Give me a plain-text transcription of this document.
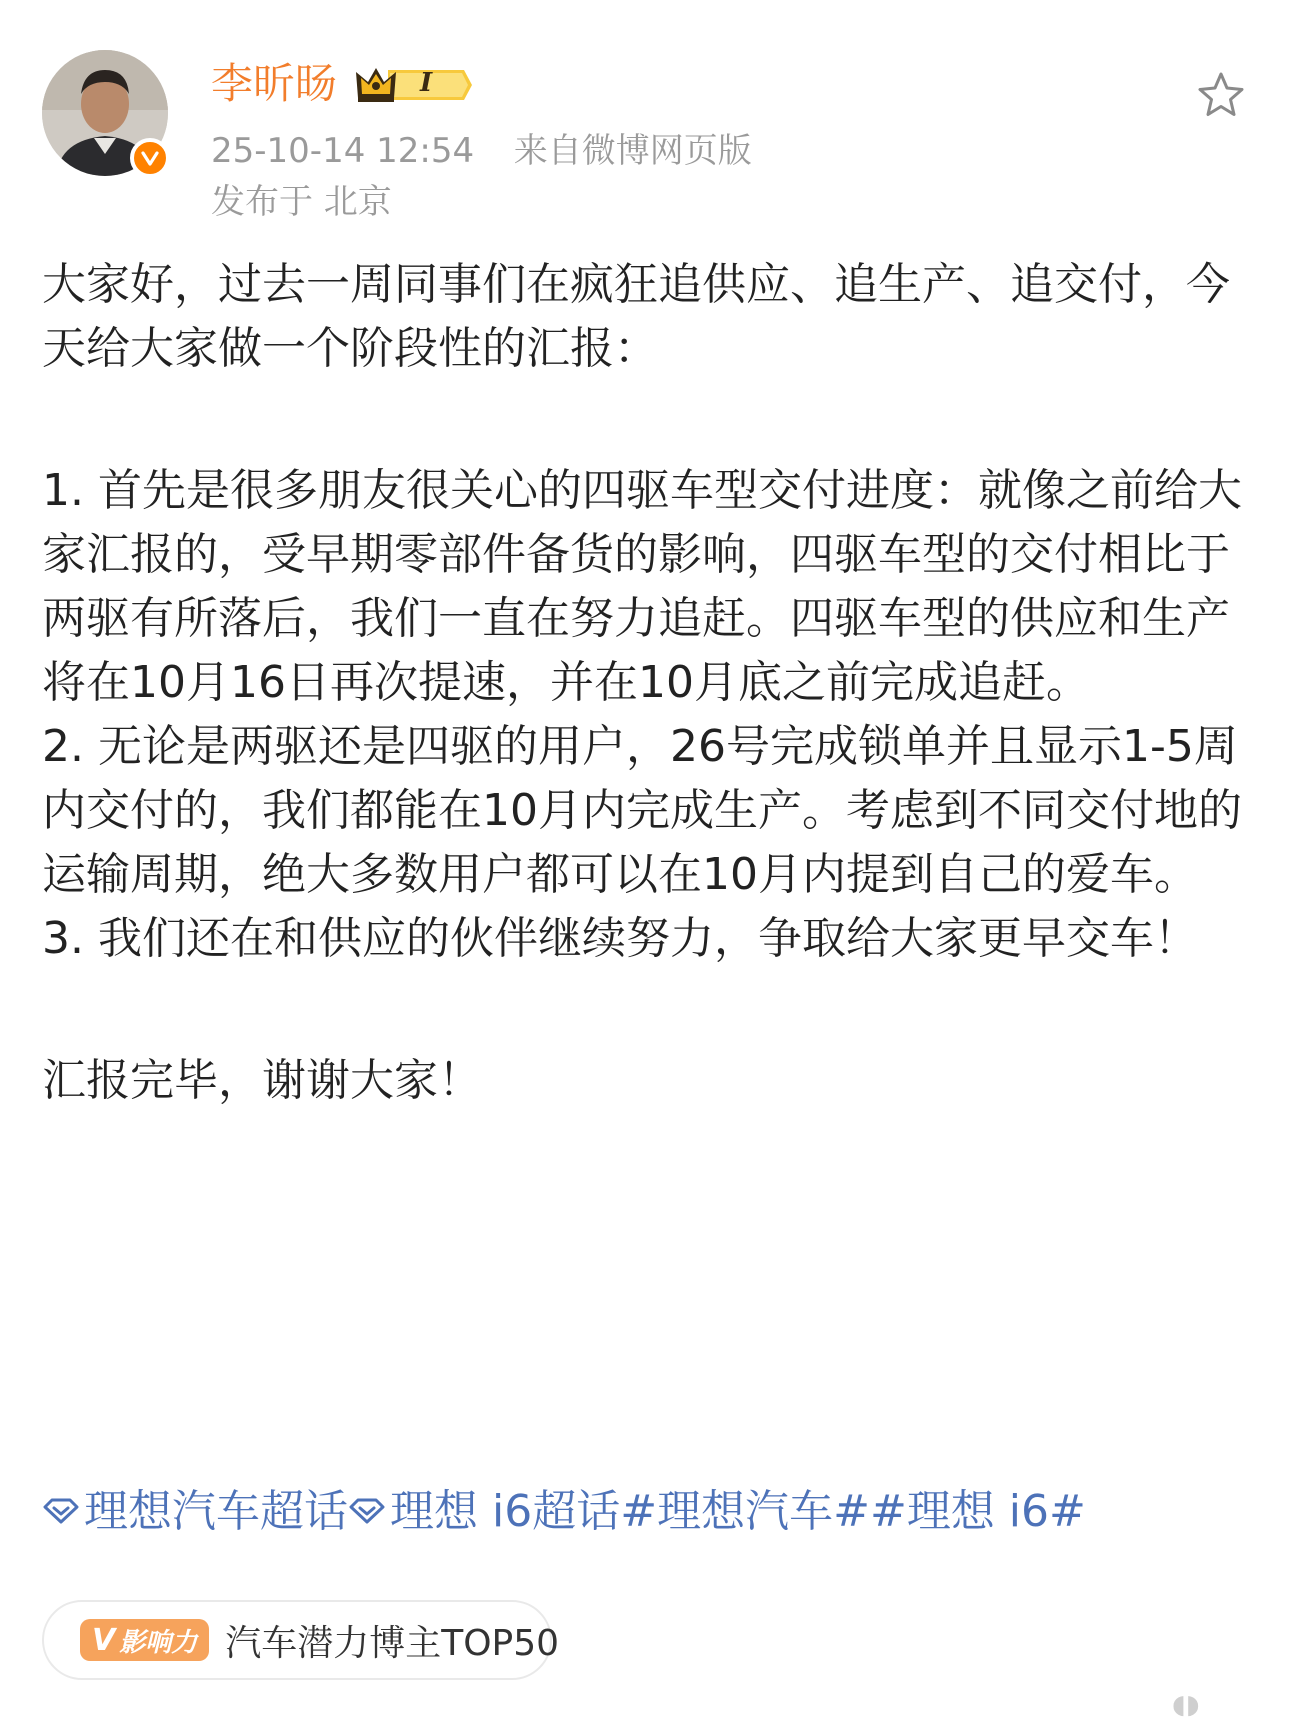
李昕旸	I
25-10-14 12:54 来自微博网页版
发布于 北京

大家好，过去一周同事们在疯狂追供应、追生产、追交付，今天给大家做一个阶段性的汇报：

1. 首先是很多朋友很关心的四驱车型交付进度：就像之前给大家汇报的，受早期零部件备货的影响，四驱车型的交付相比于两驱有所落后，我们一直在努力追赶。四驱车型的供应和生产将在10月16日再次提速，并在10月底之前完成追赶。

2. 无论是两驱还是四驱的用户，26号完成锁单并且显示1-5周内交付的，我们都能在10月内完成生产。考虑到不同交付地的运输周期，绝大多数用户都可以在10月内提到自己的爱车。

3. 我们还在和供应的伙伴继续努力，争取给大家更早交车！

汇报完毕，谢谢大家！

理想汽车超话 理想 i6超话#理想汽车##理想 i6#
V 影响力 汽车潜力博主TOP50
◖◗
